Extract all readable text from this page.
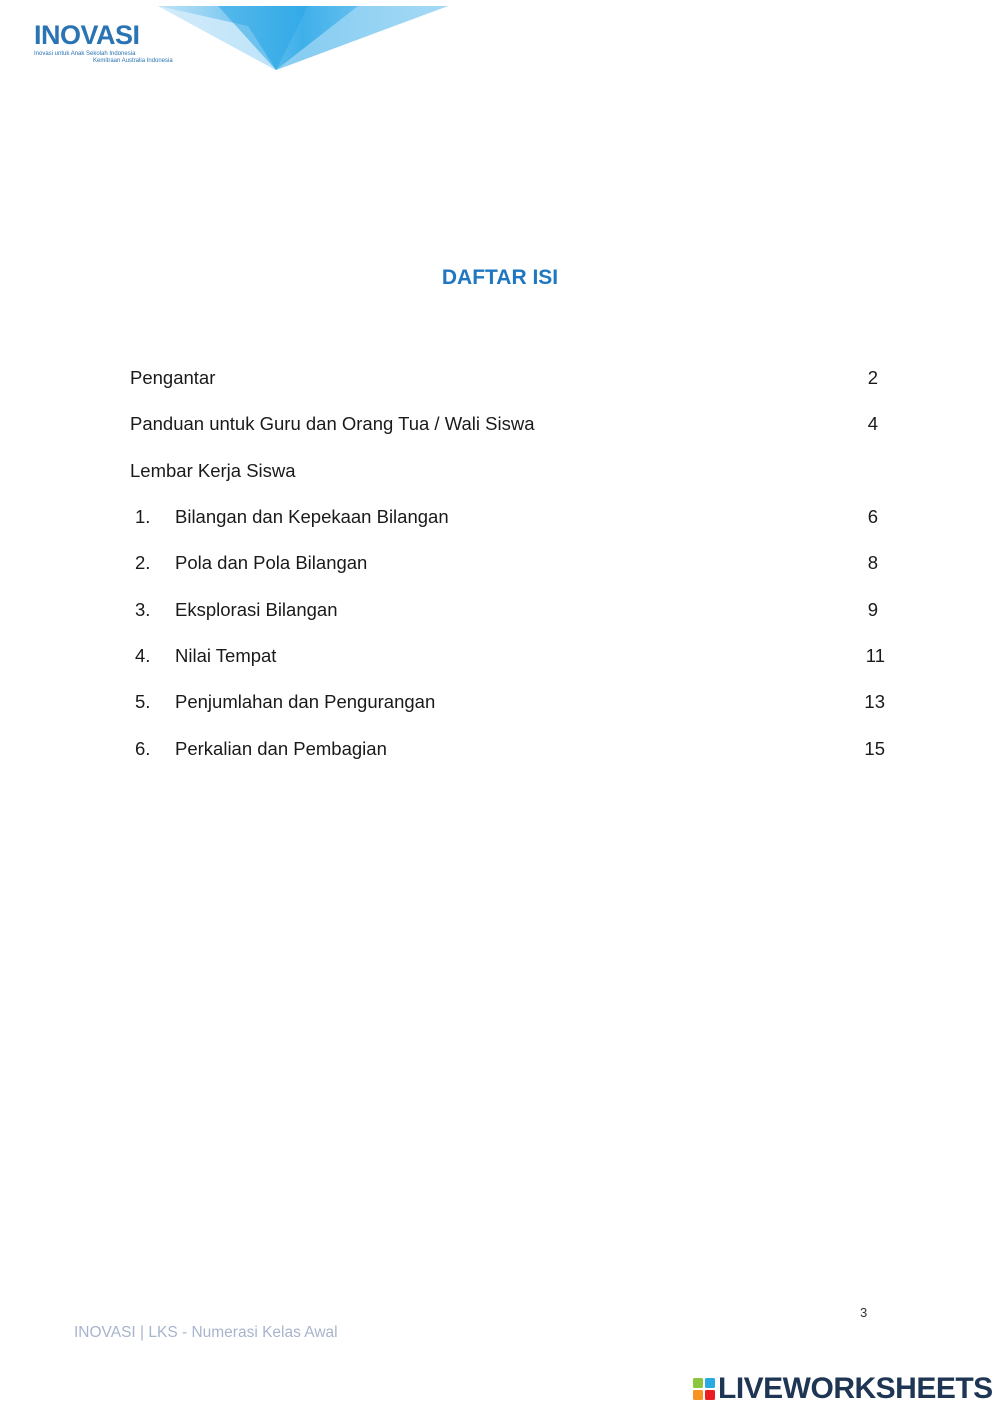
INOVASI
Inovasi untuk Anak Sekolah Indonesia
Kemitraan Australia Indonesia
DAFTAR ISI
Pengantar	2
Panduan untuk Guru dan Orang Tua / Wali Siswa	4
Lembar Kerja Siswa
1. Bilangan dan Kepekaan Bilangan	6
2. Pola dan Pola Bilangan	8
3. Eksplorasi Bilangan	9
4. Nilai Tempat	11
5. Penjumlahan dan Pengurangan	13
6. Perkalian dan Pembagian	15
3
INOVASI | LKS - Numerasi Kelas Awal
LIVEWORKSHEETS
